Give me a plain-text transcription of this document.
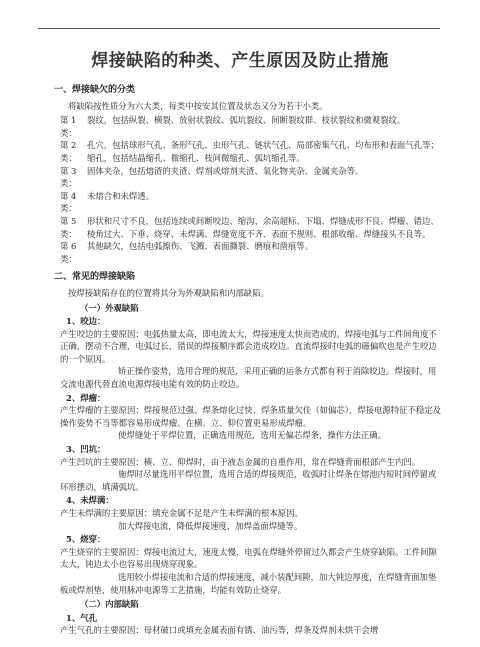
焊接缺陷的种类、产生原因及防止措施
一、焊接缺欠的分类
将缺陷按性质分为六大类，每类中按安其位置及状态又分为若干小类。
第 1 类：
裂纹，包括纵裂、横裂、放射状裂纹、弧坑裂纹、间断裂纹群、枝状裂纹和微观裂纹。
第 2 类：
孔穴，包括球形气孔、条形气孔、虫形气孔、链状气孔、局部密集气孔、均布形和表面气孔等；缩孔，包括结晶缩孔、微缩孔、枝间微缩孔、弧坑缩孔等。
第 3 类：
固体夹杂，包括熔渣的夹渣、焊剂或熔剂夹渣、氧化物夹杂、金属夹杂等。
第 4 类：
未熔合和未焊透。
第 5 类：
形状和尺寸不良，包括连续或间断咬边、缩沟、余高超标、下塌、焊缝成形不良、焊瘤、错边、棱角过大、下垂、烧穿、未焊满、焊缝宽度不齐、表面不规则、根部收缩、焊缝接头不良等。
第 6 类：
其他缺欠，包括电弧擦伤、飞溅、表面撕裂、磨痕和凿痕等。
二、常见的焊接缺陷
按焊接缺陷存在的位置将其分为外观缺陷和内部缺陷。
（一）外观缺陷
1、咬边：
产生咬边的主要原因：电弧热量太高，即电流太大，焊接速度太快而造成的。焊接电弧与工件间角度不正确，摆动不合理，电弧过长，错误的焊接顺序都会造成咬边。直流焊接时电弧的磁偏吹也是产生咬边的一个原因。
矫正操作姿势，选用合理的规范，采用正确的运条方式都有利于消除咬边。焊接时，用交流电源代替直流电源焊接电能有效的防止咬边。
2、焊瘤：
产生焊瘤的主要原因：焊接规范过强、焊条熔化过快、焊条质量欠佳（如偏芯），焊接电源特征不稳定及操作姿势不当等都容易形成焊瘤。在横、立、仰位置更易形成焊瘤。
使焊缝处于平焊位置，正确选用规范，选用无偏芯焊条，操作方法正确。
3、凹坑：
产生凹坑的主要原因：横、立、仰焊时，由于液态金属的自重作用，常在焊缝背面根部产生内凹。
施焊时尽量选用平焊位置，选用合适的焊接规范，收弧时让焊条在熔池内短时间停留或环形摆动，填满弧坑。
4、未焊满：
产生未焊满的主要原因：填充金属不足是产生未焊满的根本原因。
加大焊接电流，降低焊接速度，加焊盖面焊缝等。
5、烧穿：
产生烧穿的主要原因：焊接电流过大，速度太慢，电弧在焊缝外停留过久都会产生烧穿缺陷。工件间隙太大，钝边太小也容易出现烧穿现象。
选用较小焊接电流和合适的焊接速度，减小装配间隙，加大钝边厚度，在焊缝背面加垫板或焊剂垫，使用脉冲电源等工艺措施，均能有效防止烧穿。
（二）内部缺陷
1、气孔
产生气孔的主要原因：母材破口或填充金属表面有锈、油污等，焊条及焊剂未烘干会增
